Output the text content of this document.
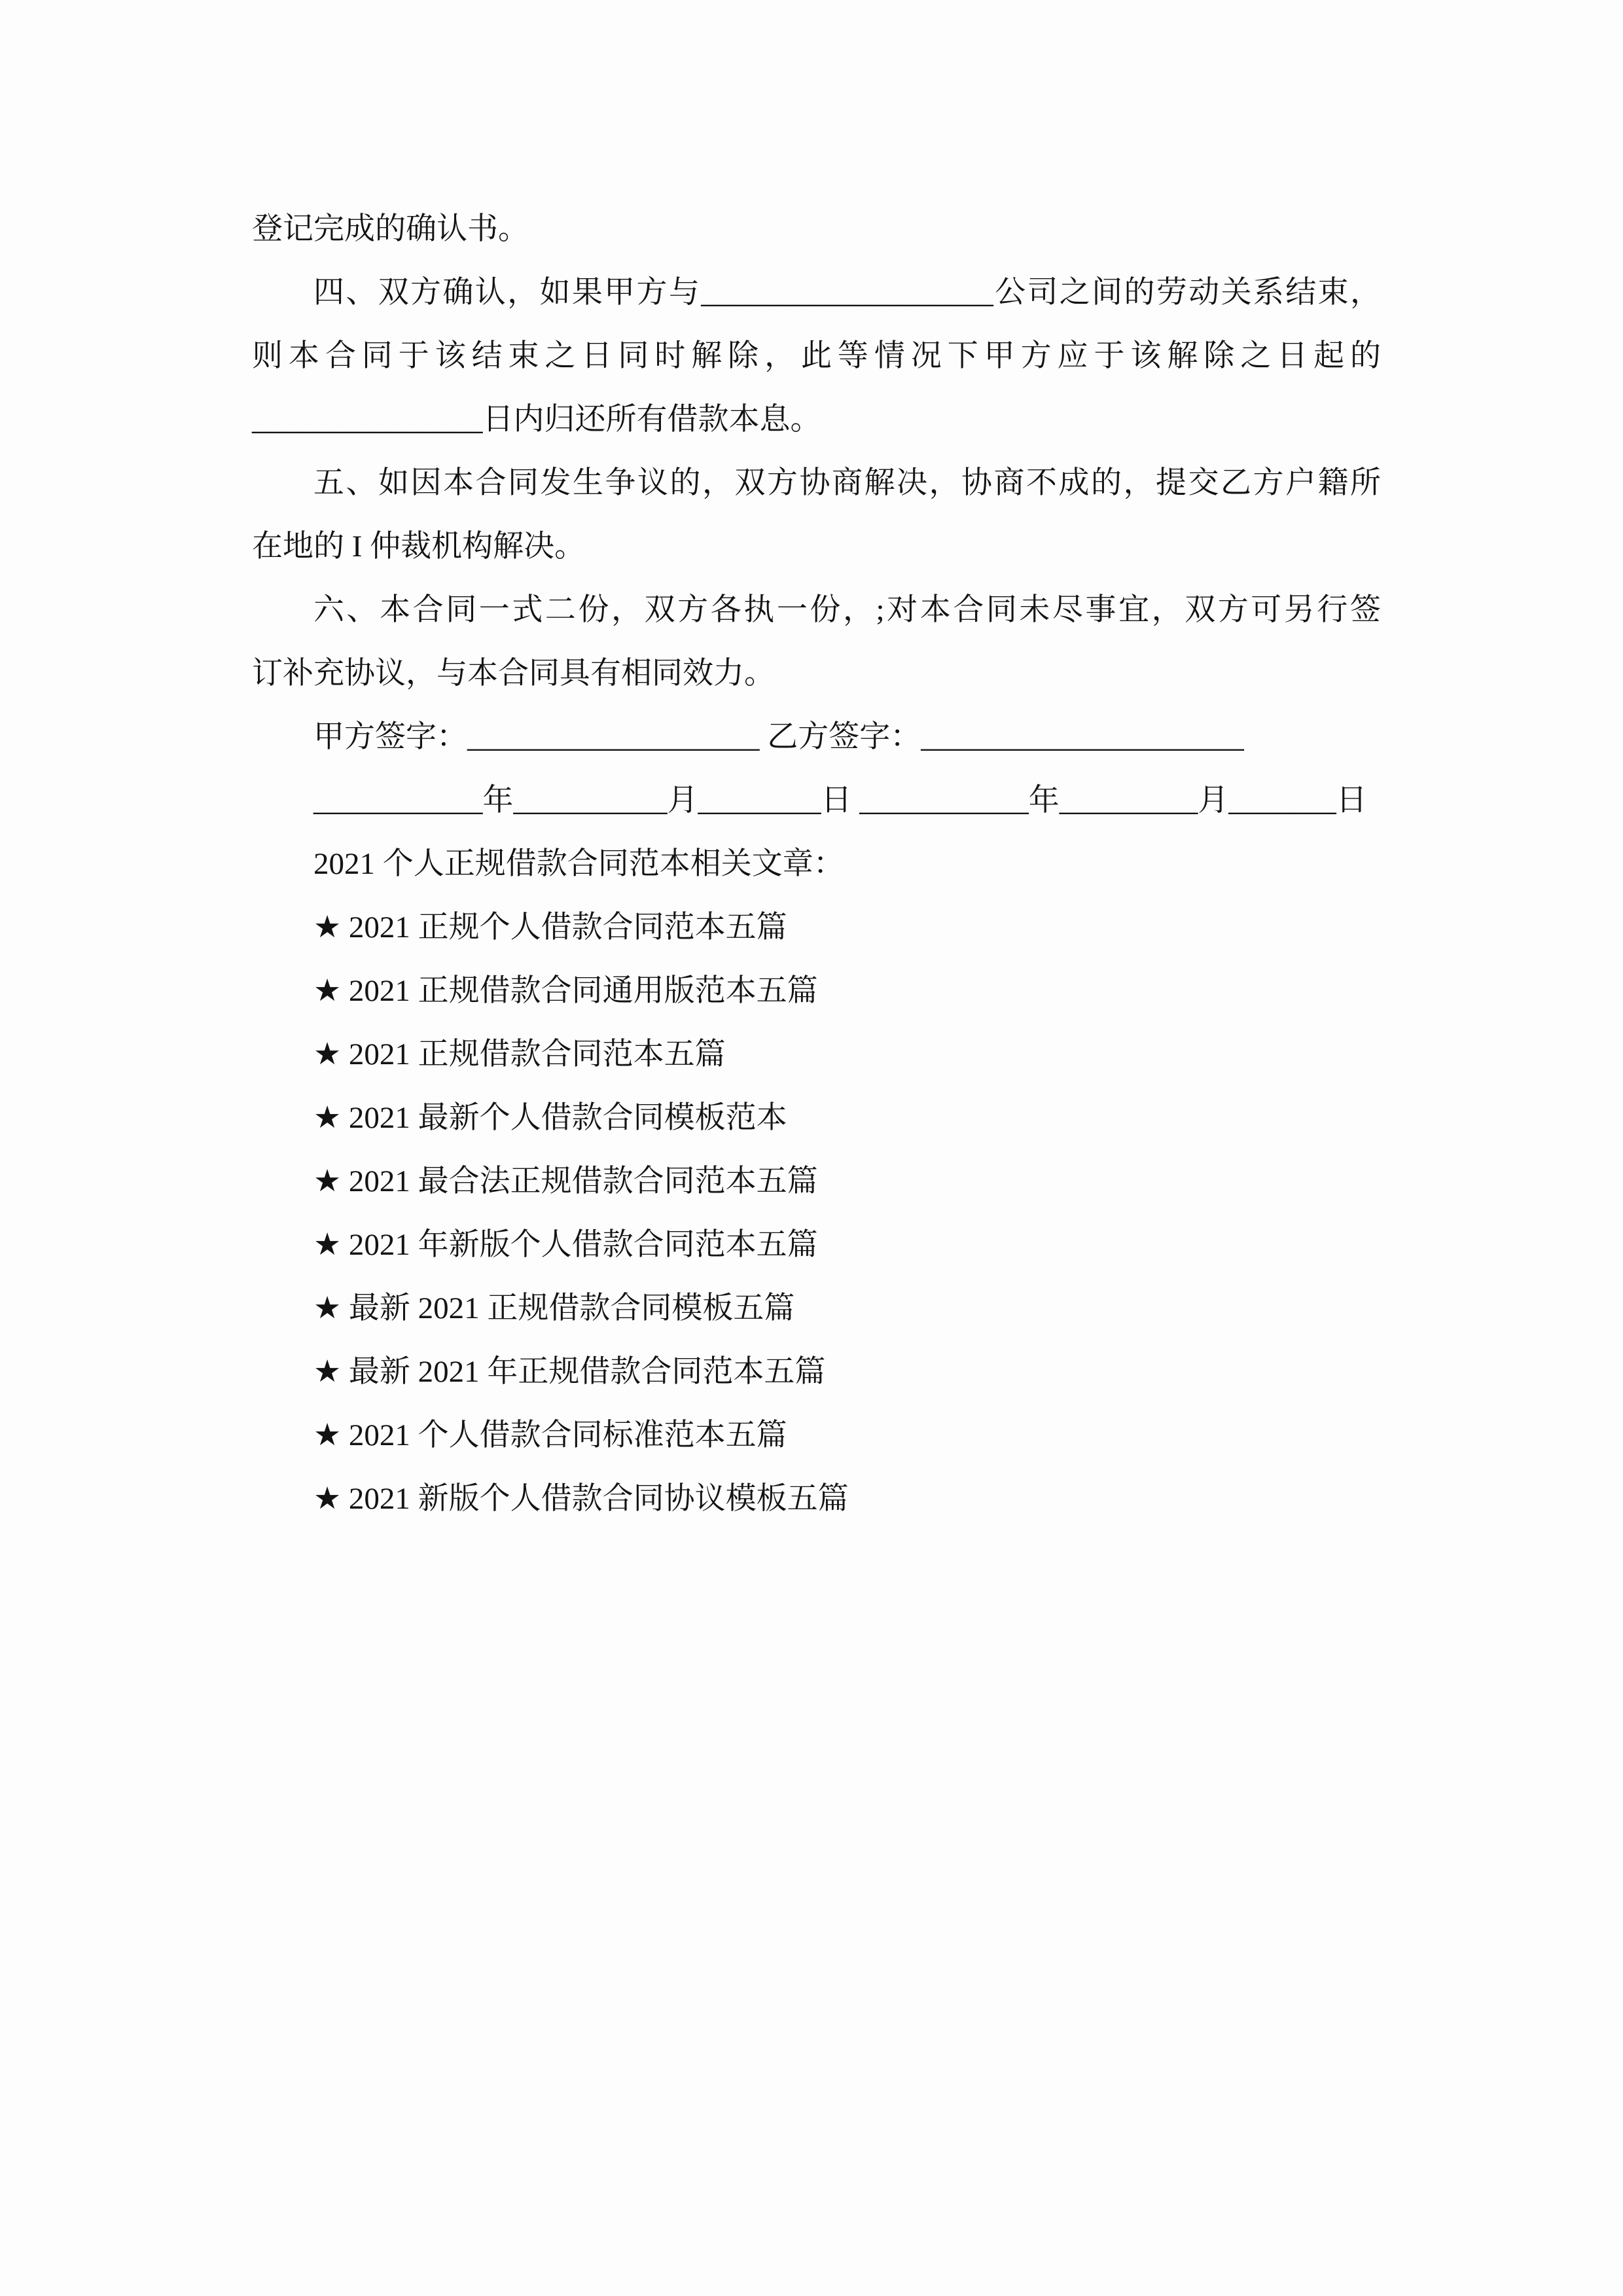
登记完成的确认书。
四、双方确认，如果甲方与___________________公司之间的劳动关系结束，
则本合同于该结束之日同时解除，此等情况下甲方应于该解除之日起的
_______________日内归还所有借款本息。
五、如因本合同发生争议的，双方协商解决，协商不成的，提交乙方户籍所
在地的 I 仲裁机构解决。
六、本合同一式二份，双方各执一份，;对本合同未尽事宜，双方可另行签
订补充协议，与本合同具有相同效力。
甲方签字：___________________ 乙方签字：_____________________
___________年__________月________日 ___________年_________月_______日
2021 个人正规借款合同范本相关文章：
★ 2021 正规个人借款合同范本五篇
★ 2021 正规借款合同通用版范本五篇
★ 2021 正规借款合同范本五篇
★ 2021 最新个人借款合同模板范本
★ 2021 最合法正规借款合同范本五篇
★ 2021 年新版个人借款合同范本五篇
★ 最新 2021 正规借款合同模板五篇
★ 最新 2021 年正规借款合同范本五篇
★ 2021 个人借款合同标准范本五篇
★ 2021 新版个人借款合同协议模板五篇
